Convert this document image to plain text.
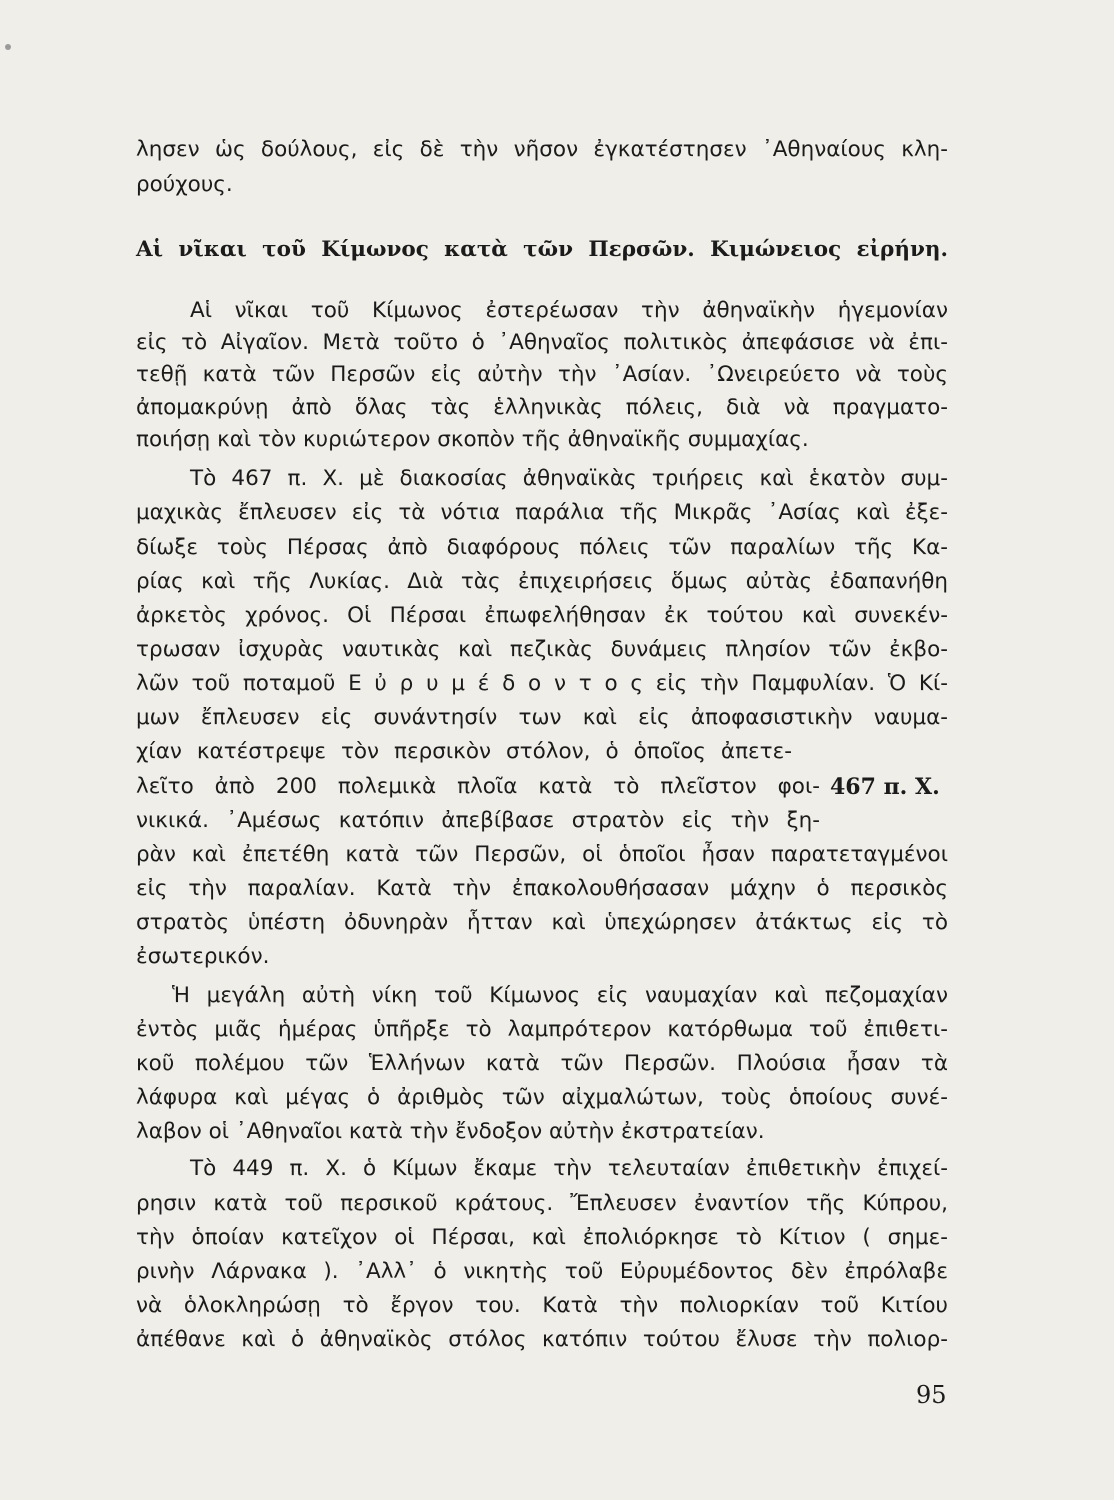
λησεν ὡς δούλους, εἰς δὲ τὴν νῆσον ἐγκατέστησεν ᾿Αθηναίους κλη-
ρούχους.
Αἱ νῖκαι τοῦ Κίμωνος κατὰ τῶν Περσῶν. Κιμώνειος εἰρήνη.
Αἱ νῖκαι τοῦ Κίμωνος ἐστερέωσαν τὴν ἀθηναϊκὴν ἡγεμονίαν
εἰς τὸ Αἰγαῖον. Μετὰ τοῦτο ὁ ᾿Αθηναῖος πολιτικὸς ἀπεφάσισε νὰ ἐπι-
τεθῇ κατὰ τῶν Περσῶν εἰς αὐτὴν τὴν ᾿Ασίαν. ᾿Ωνειρεύετο νὰ τοὺς
ἀπομακρύνῃ ἀπὸ ὅλας τὰς ἑλληνικὰς πόλεις, διὰ νὰ πραγματο-
ποιήσῃ καὶ τὸν κυριώτερον σκοπὸν τῆς ἀθηναϊκῆς συμμαχίας.
Τὸ 467 π. Χ. μὲ διακοσίας ἀθηναϊκὰς τριήρεις καὶ ἑκατὸν συμ-
μαχικὰς ἔπλευσεν εἰς τὰ νότια παράλια τῆς Μικρᾶς ᾿Ασίας καὶ ἐξε-
δίωξε τοὺς Πέρσας ἀπὸ διαφόρους πόλεις τῶν παραλίων τῆς Κα-
ρίας καὶ τῆς Λυκίας. Διὰ τὰς ἐπιχειρήσεις ὅμως αὐτὰς ἐδαπανήθη
ἀρκετὸς χρόνος. Οἱ Πέρσαι ἐπωφελήθησαν ἐκ τούτου καὶ συνεκέν-
τρωσαν ἰσχυρὰς ναυτικὰς καὶ πεζικὰς δυνάμεις πλησίον τῶν ἐκβο-
λῶν τοῦ ποταμοῦ Ε ὐ ρ υ μ έ δ ο ν τ ο ς εἰς τὴν Παμφυλίαν. Ὁ Κί-
μων ἔπλευσεν εἰς συνάντησίν των καὶ εἰς ἀποφασιστικὴν ναυμα-
χίαν κατέστρεψε τὸν περσικὸν στόλον, ὁ ὁποῖος ἀπετε-
λεῖτο ἀπὸ 200 πολεμικὰ πλοῖα κατὰ τὸ πλεῖστον φοι- 467 π. Χ.
νικικά. ᾿Αμέσως κατόπιν ἀπεβίβασε στρατὸν εἰς τὴν ξη-
ρὰν καὶ ἐπετέθη κατὰ τῶν Περσῶν, οἱ ὁποῖοι ἦσαν παρατεταγμένοι
εἰς τὴν παραλίαν. Κατὰ τὴν ἐπακολουθήσασαν μάχην ὁ περσικὸς
στρατὸς ὑπέστη ὀδυνηρὰν ἧτταν καὶ ὑπεχώρησεν ἀτάκτως εἰς τὸ
ἐσωτερικόν.
Ἡ μεγάλη αὐτὴ νίκη τοῦ Κίμωνος εἰς ναυμαχίαν καὶ πεζομαχίαν
ἐντὸς μιᾶς ἡμέρας ὑπῆρξε τὸ λαμπρότερον κατόρθωμα τοῦ ἐπιθετι-
κοῦ πολέμου τῶν Ἑλλήνων κατὰ τῶν Περσῶν. Πλούσια ἦσαν τὰ
λάφυρα καὶ μέγας ὁ ἀριθμὸς τῶν αἰχμαλώτων, τοὺς ὁποίους συνέ-
λαβον οἱ ᾿Αθηναῖοι κατὰ τὴν ἔνδοξον αὐτὴν ἐκστρατείαν.
Τὸ 449 π. Χ. ὁ Κίμων ἔκαμε τὴν τελευταίαν ἐπιθετικὴν ἐπιχεί-
ρησιν κατὰ τοῦ περσικοῦ κράτους. Ἔπλευσεν ἐναντίον τῆς Κύπρου,
τὴν ὁποίαν κατεῖχον οἱ Πέρσαι, καὶ ἐπολιόρκησε τὸ Κίτιον ( σημε-
ρινὴν Λάρνακα ). ᾿Αλλ᾿ ὁ νικητὴς τοῦ Εὐρυμέδοντος δὲν ἐπρόλαβε
νὰ ὁλοκληρώσῃ τὸ ἔργον του. Κατὰ τὴν πολιορκίαν τοῦ Κιτίου
ἀπέθανε καὶ ὁ ἀθηναϊκὸς στόλος κατόπιν τούτου ἔλυσε τὴν πολιορ-
95
